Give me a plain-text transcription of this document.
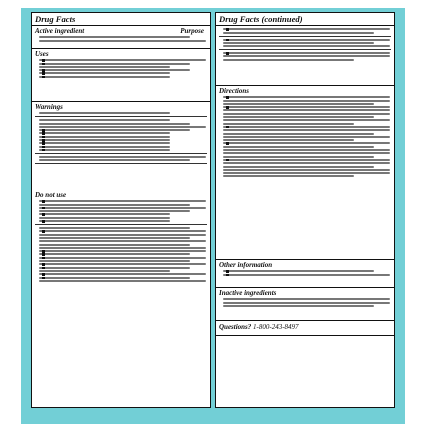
Drug Facts
Active ingredient	Purpose
Uses
Warnings
Do not use
Drug Facts (continued)
Directions
Other information
Inactive ingredients
Questions? 1-800-243-8497
